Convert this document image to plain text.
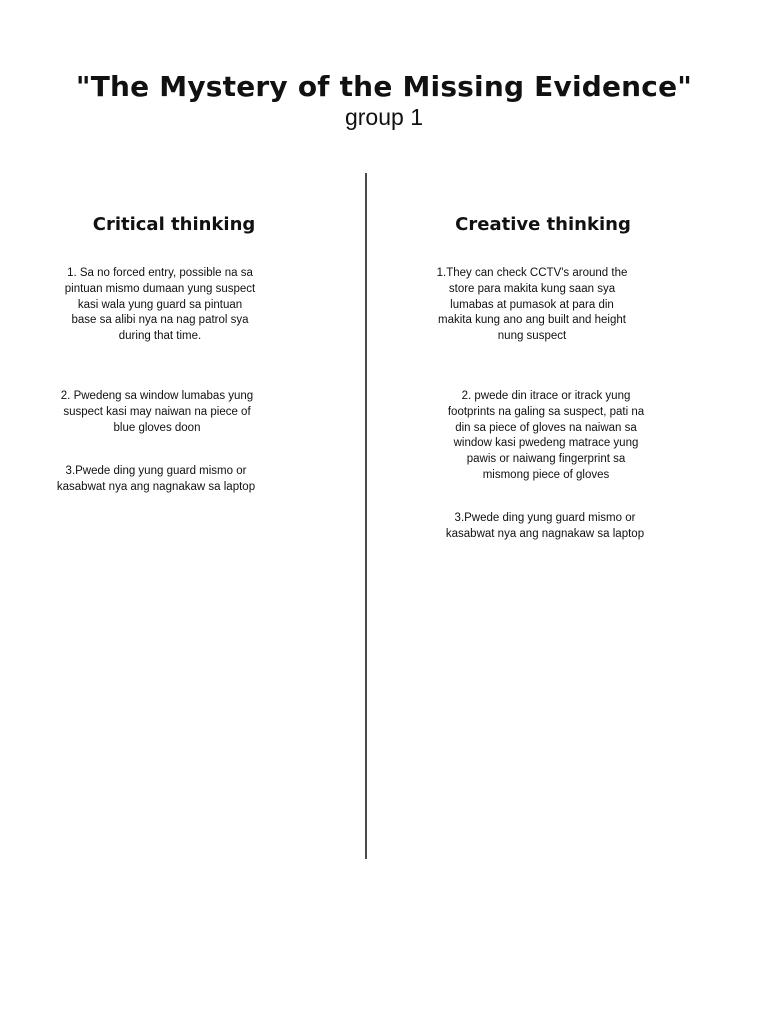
"The Mystery of the Missing Evidence"

group 1

Critical thinking

1. Sa no forced entry, possible na sa pintuan mismo dumaan yung suspect kasi wala yung guard sa pintuan base sa alibi nya na nag patrol sya during that time.

2. Pwedeng sa window lumabas yung suspect kasi may naiwan na piece of blue gloves doon

3.Pwede ding yung guard mismo or kasabwat nya ang nagnakaw sa laptop

Creative thinking

1.They can check CCTV's around the store para makita kung saan sya lumabas at pumasok at para din makita kung ano ang built and height nung suspect

2. pwede din itrace or itrack yung footprints na galing sa suspect, pati na din sa piece of gloves na naiwan sa window kasi pwedeng matrace yung pawis or naiwang fingerprint sa mismong piece of gloves

3.Pwede ding yung guard mismo or kasabwat nya ang nagnakaw sa laptop
